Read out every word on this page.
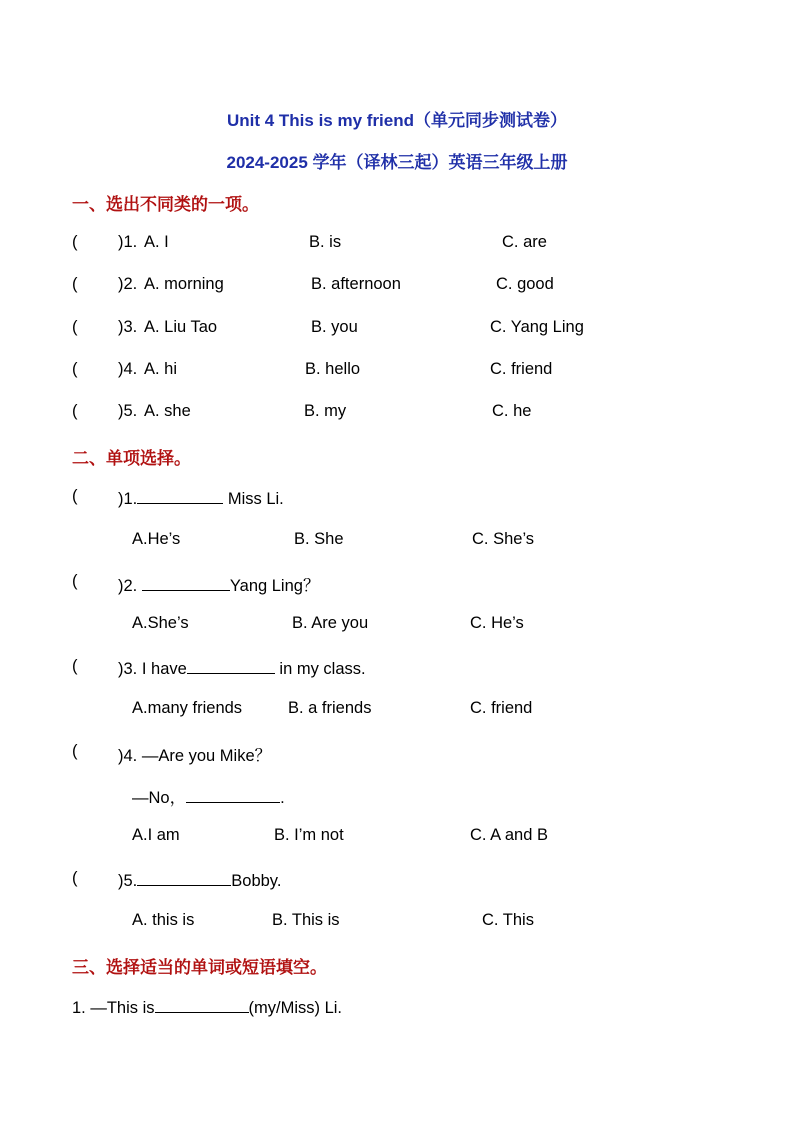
Unit 4 This is my friend（单元同步测试卷）
2024-2025 学年（译林三起）英语三年级上册
一、选出不同类的一项。
( )1. A. I	B. is	C. are
( )2. A. morning	B. afternoon	C. good
( )3. A. Liu Tao	B. you	C. Yang Ling
( )4. A. hi	B. hello	C. friend
( )5. A. she	B. my	C. he
二、单项选择。
( )1.	Miss Li.
A.He’s	B. She	C. She’s
( )2.	Yang Ling？
A.She’s	B. Are you	C. He’s
( )3. I have	in my class.
A.many friends	B. a friends	C. friend
( )4. —Are you Mike？
—No，	.
A.I am	B. I’m not	C. A and B
( )5.	Bobby.
A. this is	B. This is	C. This
三、选择适当的单词或短语填空。
1. —This is	(my/Miss) Li.
